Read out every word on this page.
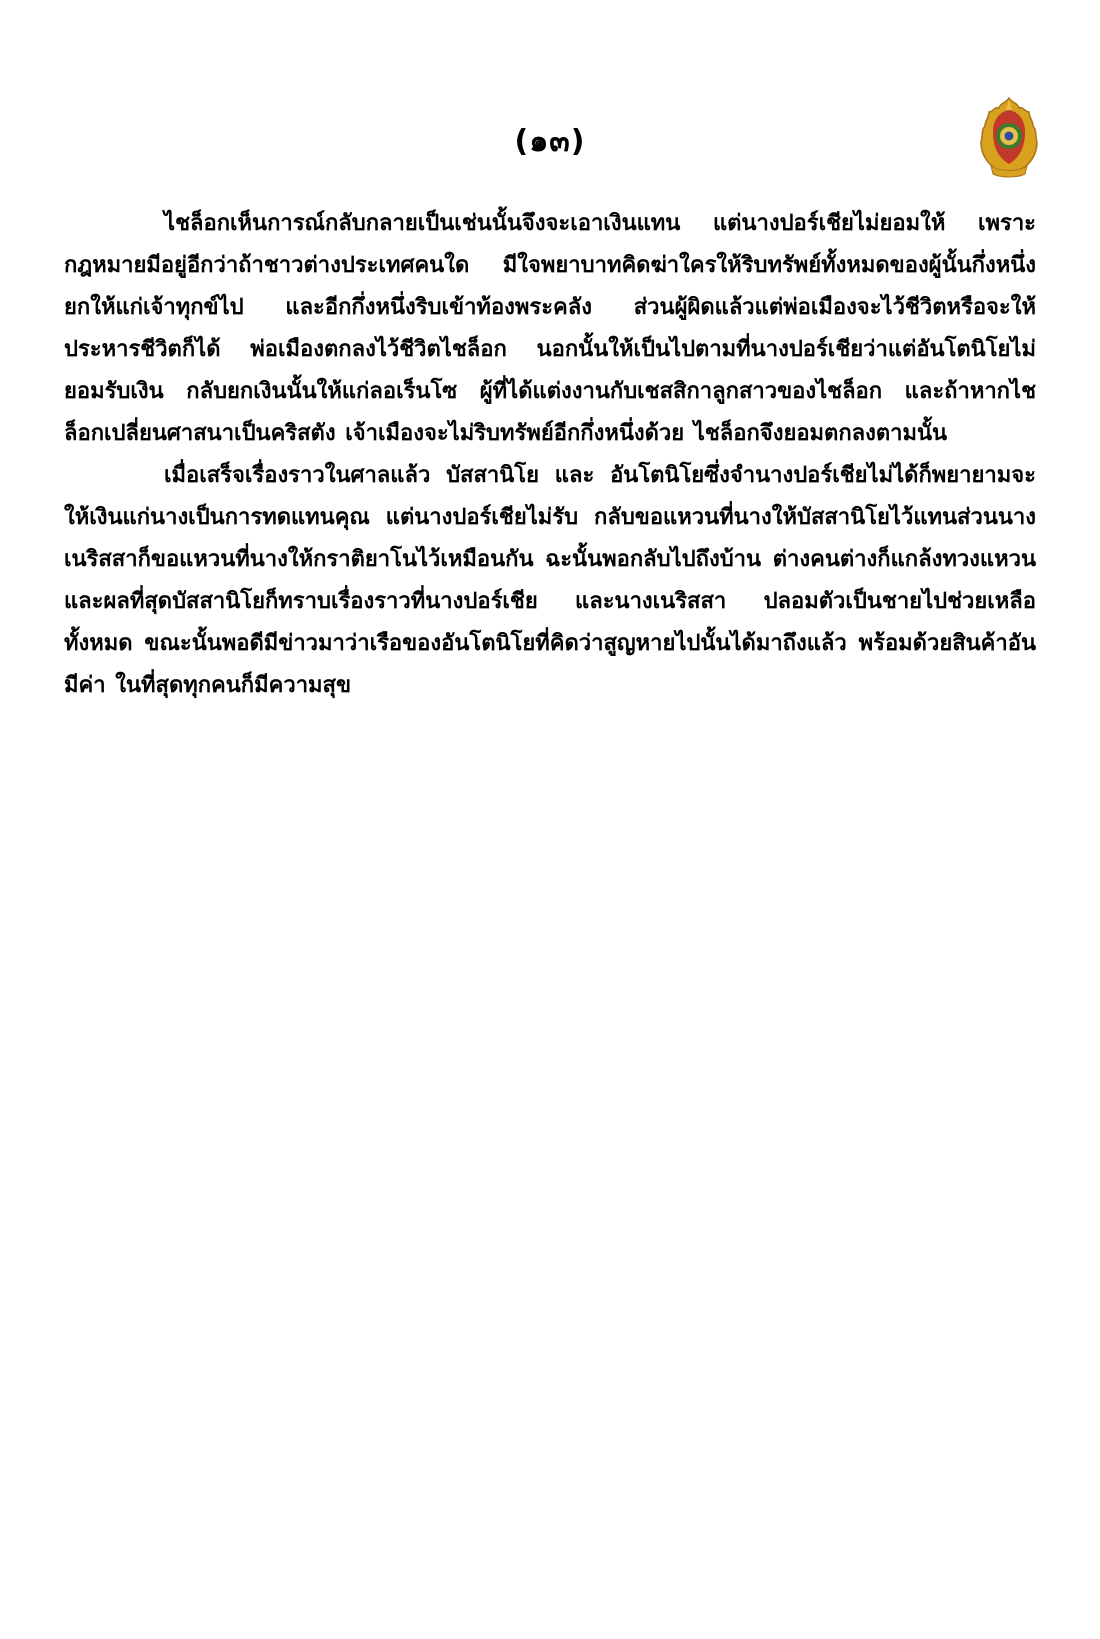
(๑๓)

ไชล็อกเห็นการณ์กลับกลายเป็นเช่นนั้นจึงจะเอาเงินแทน แต่นางปอร์เชียไม่ยอมให้ เพราะกฎหมายมีอยู่อีกว่าถ้าชาวต่างประเทศคนใด มีใจพยาบาทคิดฆ่าใครให้ริบทรัพย์ทั้งหมดของผู้นั้นกึ่งหนึ่งยกให้แก่เจ้าทุกข์ไป และอีกกึ่งหนึ่งริบเข้าท้องพระคลัง ส่วนผู้ผิดแล้วแต่พ่อเมืองจะไว้ชีวิตหรือจะให้ประหารชีวิตก็ได้ พ่อเมืองตกลงไว้ชีวิตไชล็อก นอกนั้นให้เป็นไปตามที่นางปอร์เชียว่าแต่อันโตนิโยไม่ยอมรับเงิน กลับยกเงินนั้นให้แก่ลอเร็นโซ ผู้ที่ได้แต่งงานกับเชสสิกาลูกสาวของไชล็อก และถ้าหากไชล็อกเปลี่ยนศาสนาเป็นคริสตัง เจ้าเมืองจะไม่ริบทรัพย์อีกกึ่งหนึ่งด้วย ไชล็อกจึงยอมตกลงตามนั้น

เมื่อเสร็จเรื่องราวในศาลแล้ว บัสสานิโย และ อันโตนิโยซึ่งจำนางปอร์เชียไม่ได้ก็พยายามจะให้เงินแก่นางเป็นการทดแทนคุณ แต่นางปอร์เชียไม่รับ กลับขอแหวนที่นางให้บัสสานิโยไว้แทนส่วนนางเนริสสาก็ขอแหวนที่นางให้กราติยาโนไว้เหมือนกัน ฉะนั้นพอกลับไปถึงบ้าน ต่างคนต่างก็แกล้งทวงแหวน และผลที่สุดบัสสานิโยก็ทราบเรื่องราวที่นางปอร์เชีย และนางเนริสสา ปลอมตัวเป็นชายไปช่วยเหลือทั้งหมด ขณะนั้นพอดีมีข่าวมาว่าเรือของอันโตนิโยที่คิดว่าสูญหายไปนั้นได้มาถึงแล้ว พร้อมด้วยสินค้าอันมีค่า ในที่สุดทุกคนก็มีความสุข
